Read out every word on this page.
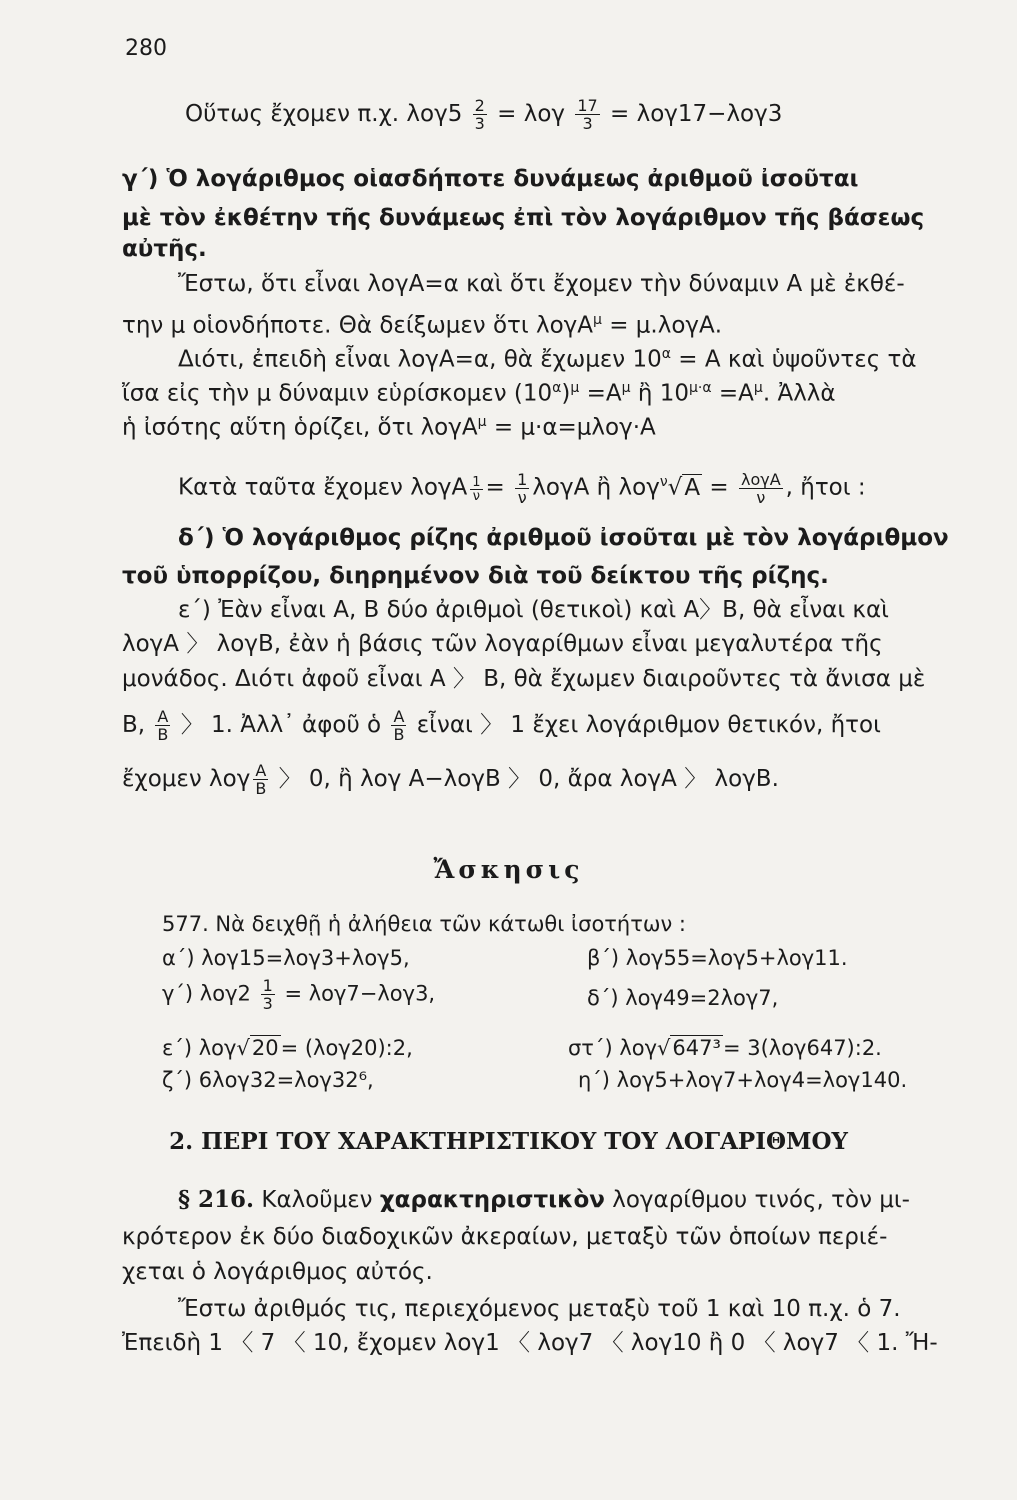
280
Οὕτως ἔχομεν π.χ. $\lambda o\gamma 5 \frac{2}{3} = \lambda o\gamma \frac{17}{3} = \lambda o\gamma 17-\lambda o\gamma 3$
γ΄) Ὁ λογάριθμος οἱασδήποτε δυνάμεως ἀριθμοῦ ἰσοῦται
μὲ τὸν ἐκθέτην τῆς δυνάμεως ἐπὶ τὸν λογάριθμον τῆς βάσεως
αὐτῆς.
Ἔστω, ὅτι εἶναι λογΑ=α καὶ ὅτι ἔχομεν τὴν δύναμιν Α μὲ ἐκθέ-
την μ οἱονδήποτε. Θὰ δείξωμεν ὅτι λογΑ$^\mu$ = μ.λογΑ.
Διότι, ἐπειδὴ εἶναι λογΑ=α, θὰ ἔχωμεν $10^\alpha = A$ καὶ ὑψοῦντες τὰ
ἴσα εἰς τὴν μ δύναμιν εὑρίσκομεν $(10^\alpha)^\mu =A^\mu$ ἢ $10^{\mu\cdot\alpha} =A^\mu$. Ἀλλὰ
ἡ ἰσότης αὕτη ὁρίζει, ὅτι λογΑ$^\mu$ = μ·α=μλογ·Α
Κατὰ ταῦτα ἔχομεν λογΑ $\frac{1}{\nu} = \frac{1}{\nu}$ λογΑ ἢ $\lambda o\gamma^\nu√A = \frac{\text{λογΑ}}{\nu}$ , ἤτοι :
δ΄) Ὁ λογάριθμος ρίζης ἀριθμοῦ ἰσοῦται μὲ τὸν λογάριθμον
τοῦ ὑπορρίζου, διηρημένον διὰ τοῦ δείκτου τῆς ρίζης.
ε΄) Ἐὰν εἶναι Α, Β δύο ἀριθμοὶ (θετικοὶ) καὶ Α〉Β, θὰ εἶναι καὶ
λογΑ 〉 λογΒ, ἐὰν ἡ βάσις τῶν λογαρίθμων εἶναι μεγαλυτέρα τῆς
μονάδος. Διότι ἀφοῦ εἶναι Α 〉 Β, θὰ ἔχωμεν διαιροῦντες τὰ ἄνισα μὲ
Β, $\frac{A}{B}$ 〉 1. Ἀλλ᾽ ἀφοῦ ὁ $\frac{A}{B}$ εἶναι 〉 1 ἔχει λογάριθμον θετικόν, ἤτοι
ἔχομεν λογ $\frac{A}{B}$ 〉 0, ἢ λογ Α−λογΒ 〉 0, ἄρα λογΑ 〉 λογΒ.
Ἄσκησις
577. Νὰ δειχθῇ ἡ ἀλήθεια τῶν κάτωθι ἰσοτήτων :
α΄) λογ15=λογ3+λογ5,	β΄) λογ55=λογ5+λογ11.
γ΄) $\lambda o\gamma 2 \frac{1}{3} = \lambda o\gamma 7-\lambda o\gamma 3$,	δ΄) λογ49=2λογ7,
ε΄) λογ√20= (λογ20):2,	στ΄) λογ√647³= 3(λογ647):2.
ζ΄) 6λογ32=λογ32⁶,	η΄) λογ5+λογ7+λογ4=λογ140.
2. ΠΕΡΙ ΤΟΥ ΧΑΡΑΚΤΗΡΙΣΤΙΚΟΥ ΤΟΥ ΛΟΓΑΡΙΘΜΟΥ
§ 216. Καλοῦμεν χαρακτηριστικὸν λογαρίθμου τινός, τὸν μι-
κρότερον ἐκ δύο διαδοχικῶν ἀκεραίων, μεταξὺ τῶν ὁποίων περιέ-
χεται ὁ λογάριθμος αὐτός.
Ἔστω ἀριθμός τις, περιεχόμενος μεταξὺ τοῦ 1 καὶ 10 π.χ. ὁ 7.
Ἐπειδὴ 1 〈 7 〈 10, ἔχομεν λογ1 〈 λογ7 〈 λογ10 ἢ 0 〈 λογ7 〈 1. Ἤ-
